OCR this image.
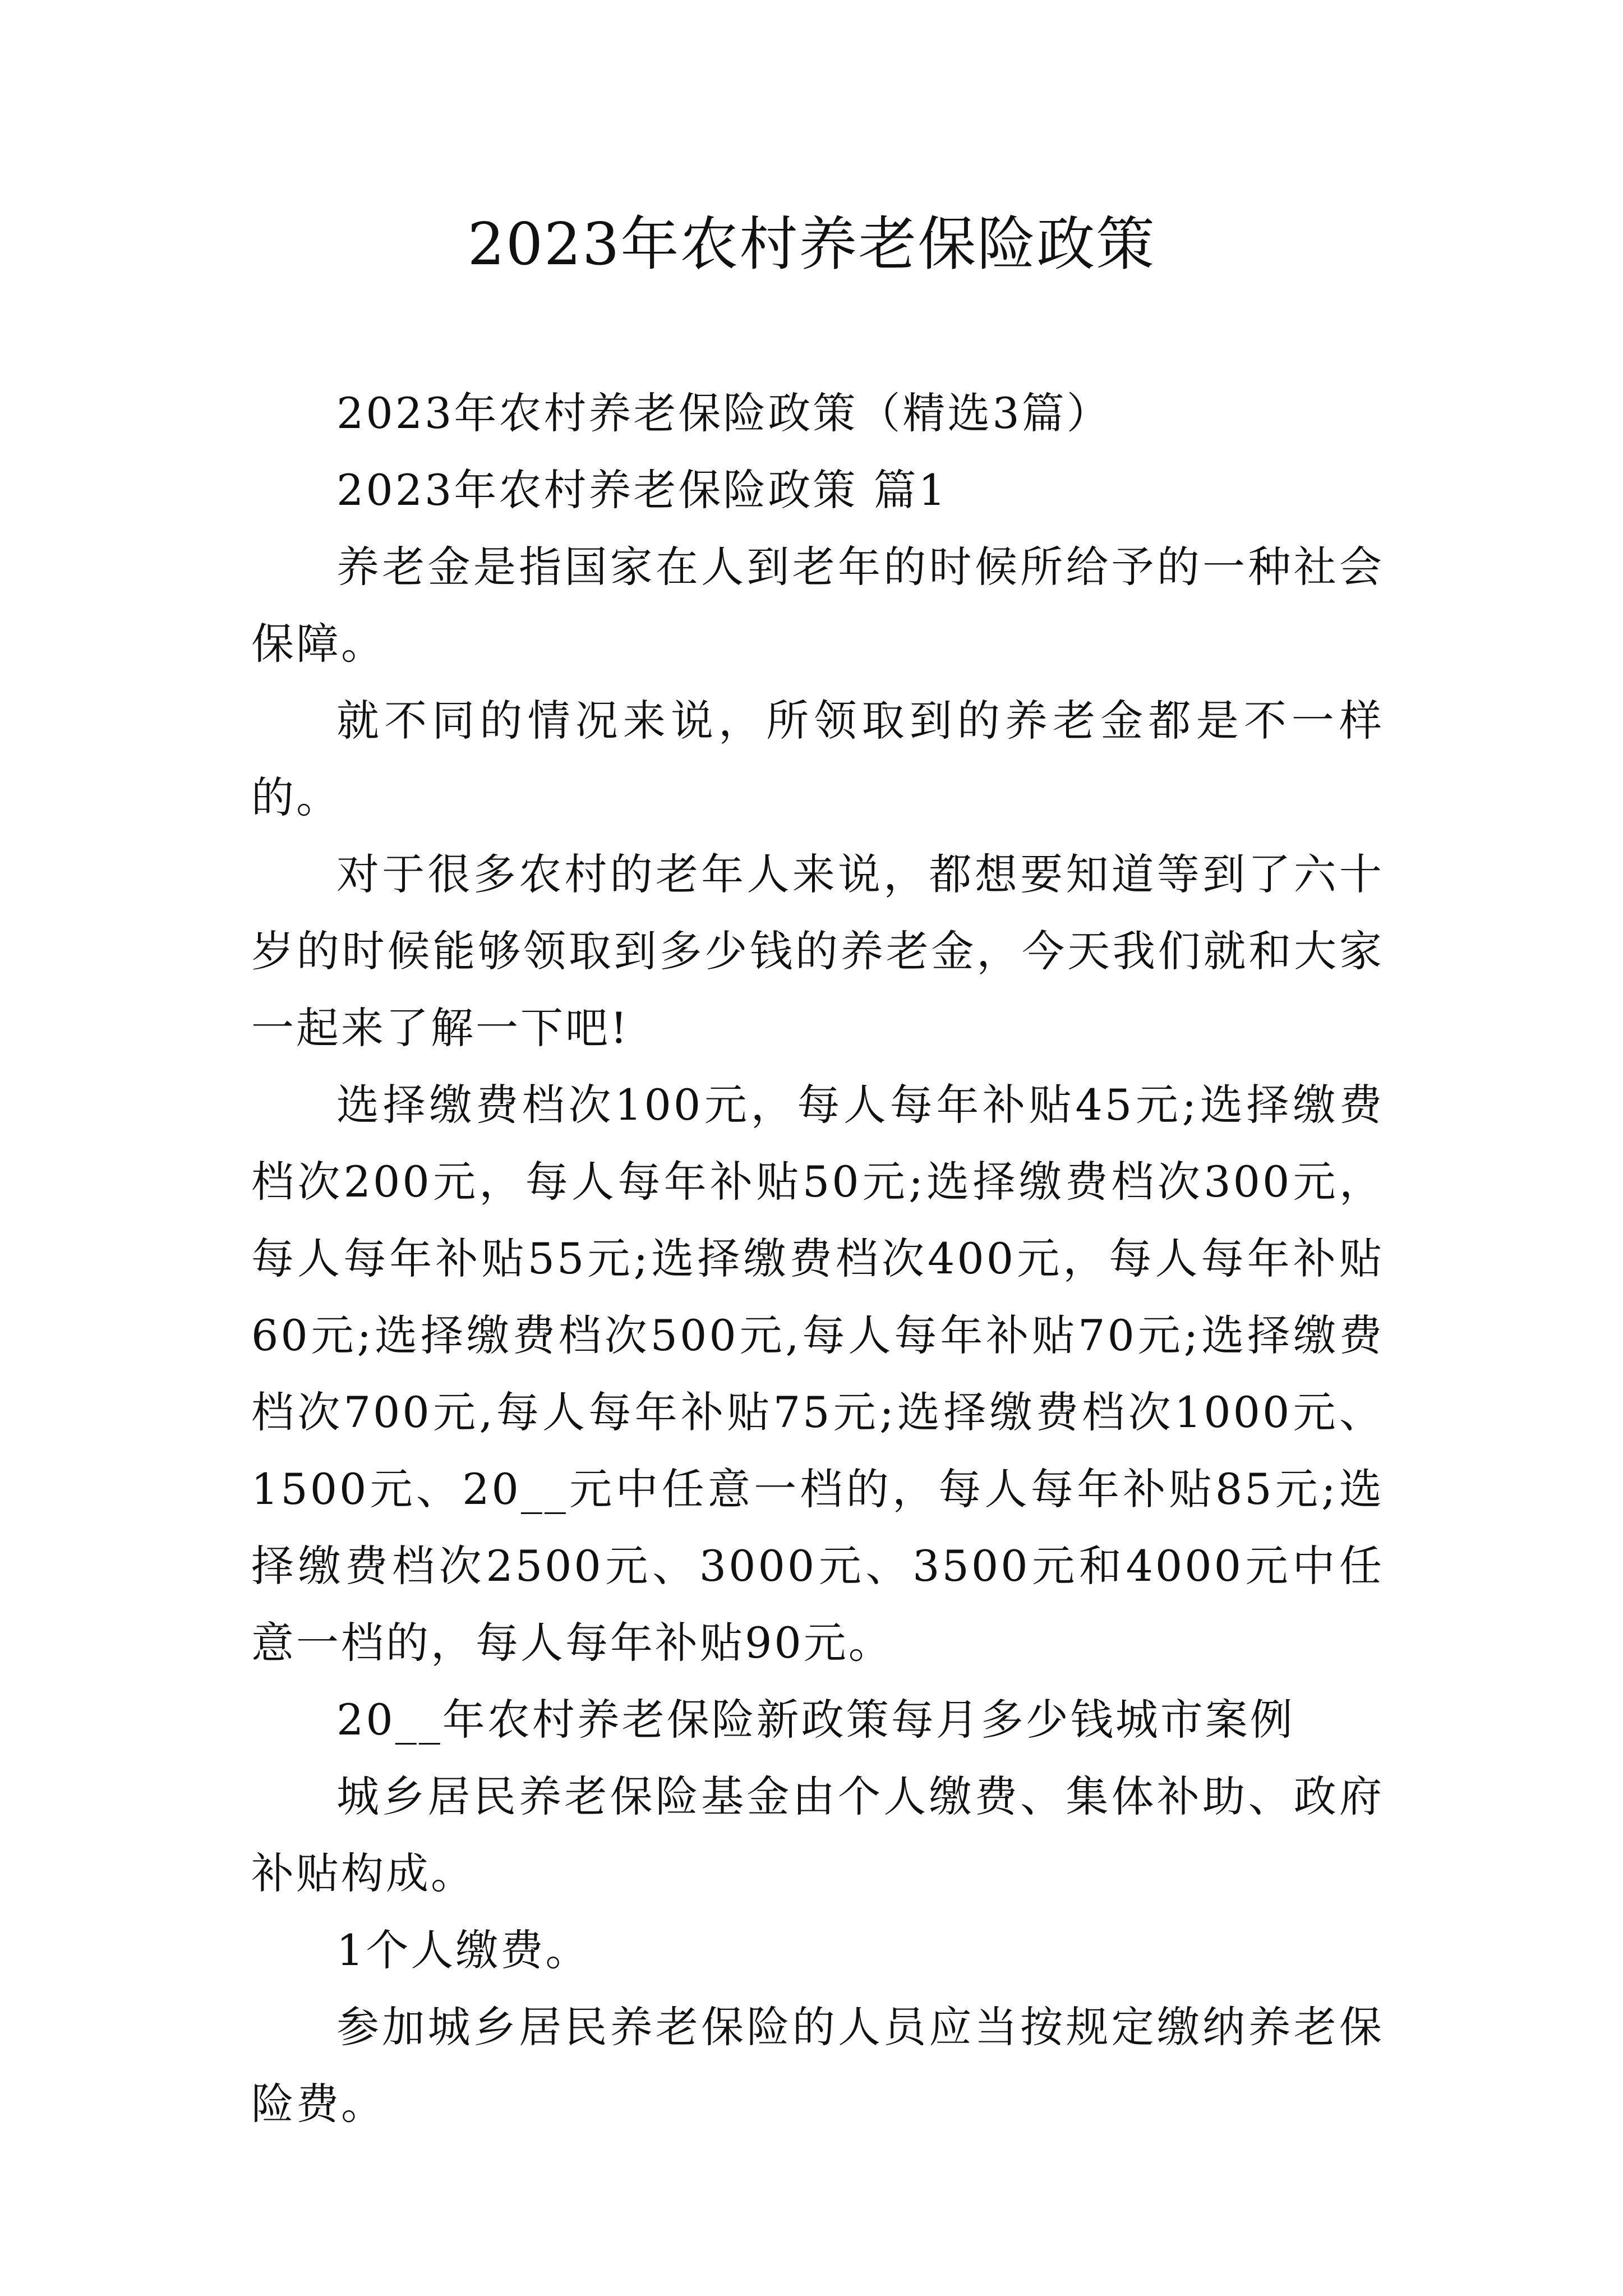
2023年农村养老保险政策

2023年农村养老保险政策（精选3篇）

2023年农村养老保险政策 篇1

养老金是指国家在人到老年的时候所给予的一种社会保障。

就不同的情况来说，所领取到的养老金都是不一样的。

对于很多农村的老年人来说，都想要知道等到了六十岁的时候能够领取到多少钱的养老金，今天我们就和大家一起来了解一下吧!

选择缴费档次100元，每人每年补贴45元;选择缴费档次200元，每人每年补贴50元;选择缴费档次300元，每人每年补贴55元;选择缴费档次400元，每人每年补贴60元;选择缴费档次500元,每人每年补贴70元;选择缴费档次700元,每人每年补贴75元;选择缴费档次1000元、1500元、20__元中任意一档的，每人每年补贴85元;选择缴费档次2500元、3000元、3500元和4000元中任意一档的，每人每年补贴90元。

20__年农村养老保险新政策每月多少钱城市案例

城乡居民养老保险基金由个人缴费、集体补助、政府补贴构成。

1个人缴费。

参加城乡居民养老保险的人员应当按规定缴纳养老保险费。
